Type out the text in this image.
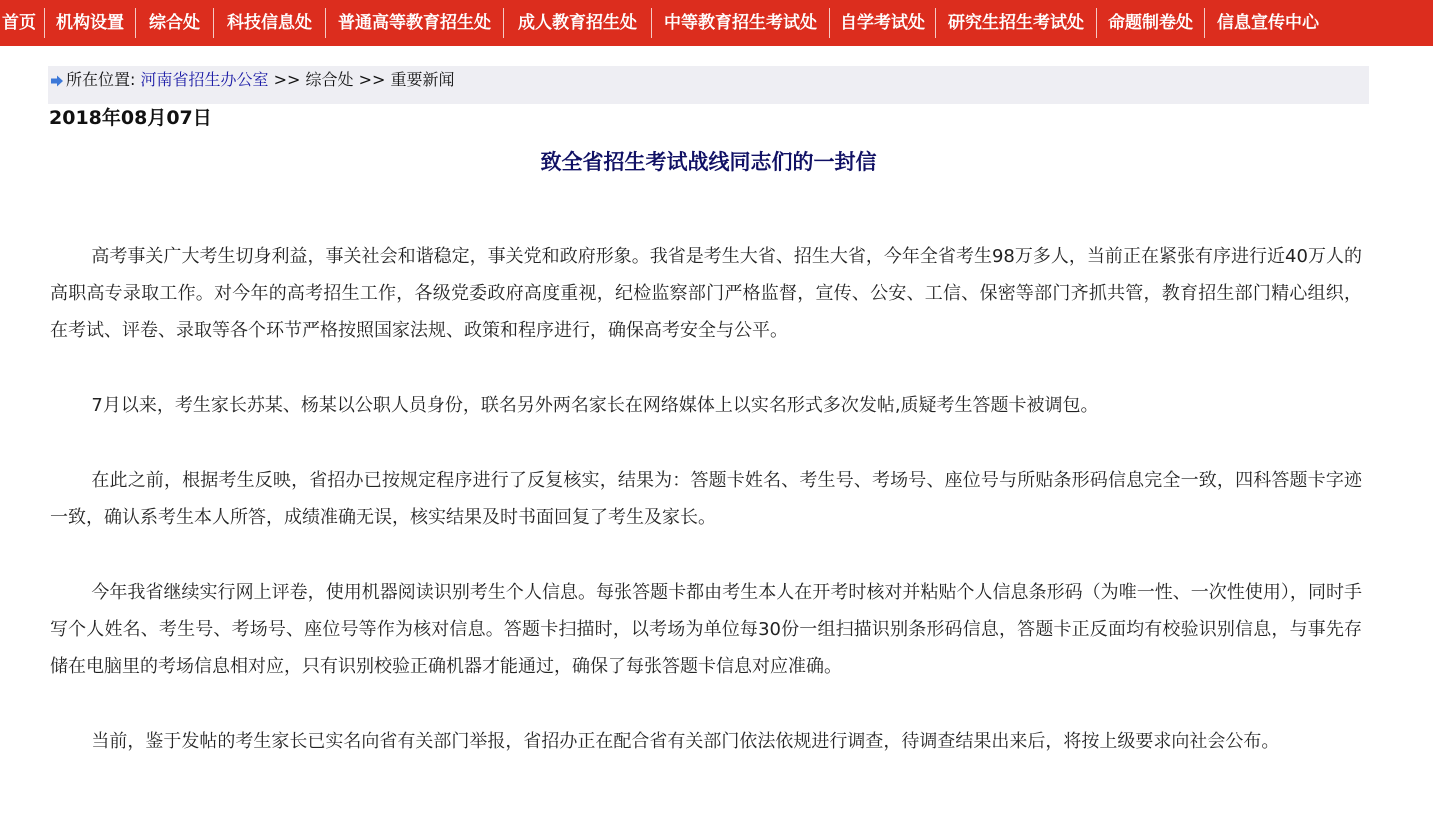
首页	机构设置	综合处	科技信息处	普通高等教育招生处	成人教育招生处	中等教育招生考试处	自学考试处	研究生招生考试处	命题制卷处	信息宣传中心
所在位置: 河南省招生办公室 >> 综合处 >> 重要新闻
2018年08月07日
致全省招生考试战线同志们的一封信

高考事关广大考生切身利益，事关社会和谐稳定，事关党和政府形象。我省是考生大省、招生大省，今年全省考生98万多人，当前正在紧张有序进行近40万人的高职高专录取工作。对今年的高考招生工作，各级党委政府高度重视，纪检监察部门严格监督，宣传、公安、工信、保密等部门齐抓共管，教育招生部门精心组织，在考试、评卷、录取等各个环节严格按照国家法规、政策和程序进行，确保高考安全与公平。

7月以来，考生家长苏某、杨某以公职人员身份，联名另外两名家长在网络媒体上以实名形式多次发帖,质疑考生答题卡被调包。

在此之前，根据考生反映，省招办已按规定程序进行了反复核实，结果为：答题卡姓名、考生号、考场号、座位号与所贴条形码信息完全一致，四科答题卡字迹一致，确认系考生本人所答，成绩准确无误，核实结果及时书面回复了考生及家长。

今年我省继续实行网上评卷，使用机器阅读识别考生个人信息。每张答题卡都由考生本人在开考时核对并粘贴个人信息条形码（为唯一性、一次性使用），同时手写个人姓名、考生号、考场号、座位号等作为核对信息。答题卡扫描时，以考场为单位每30份一组扫描识别条形码信息，答题卡正反面均有校验识别信息，与事先存储在电脑里的考场信息相对应，只有识别校验正确机器才能通过，确保了每张答题卡信息对应准确。

当前，鉴于发帖的考生家长已实名向省有关部门举报，省招办正在配合省有关部门依法依规进行调查，待调查结果出来后，将按上级要求向社会公布。
